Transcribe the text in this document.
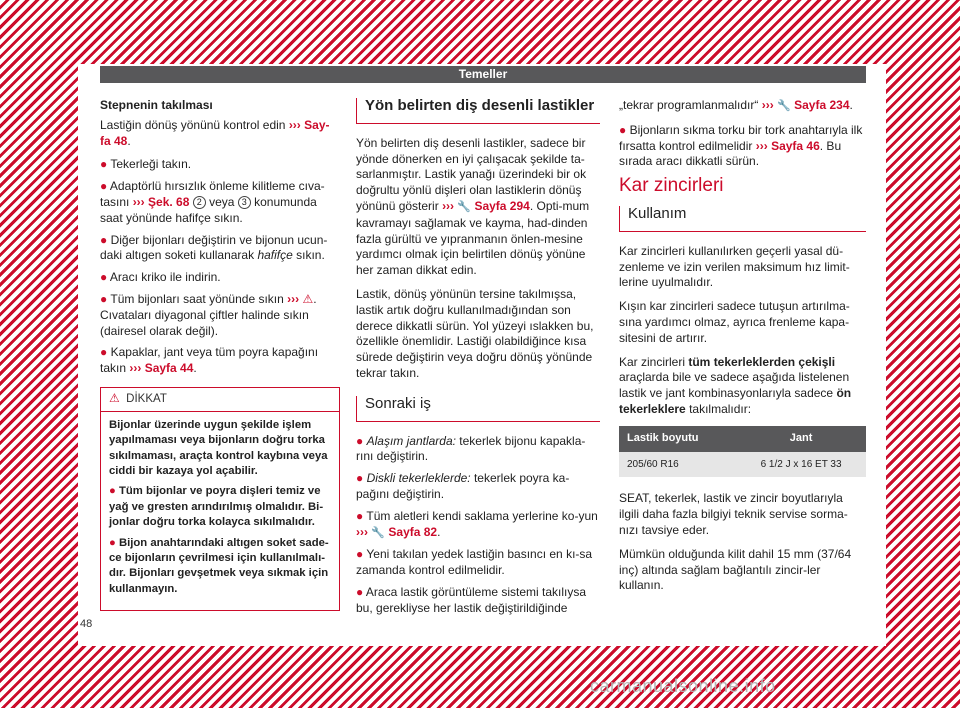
Temeller
Stepnenin takılması

Lastiğin dönüş yönünü kontrol edin ››› Say-fa 48.

● Tekerleği takın.
● Adaptörlü hırsızlık önleme kilitleme cıva-tasını ››› Şek. 68 2 veya 3 konumunda saat yönünde hafifçe sıkın.
● Diğer bijonları değiştirin ve bijonun ucun-daki altıgen soketi kullanarak hafifçe sıkın.
● Aracı kriko ile indirin.
● Tüm bijonları saat yönünde sıkın ››› ⚠. Cıvataları diyagonal çiftler halinde sıkın (dairesel olarak değil).
● Kapaklar, jant veya tüm poyra kapağını takın ››› Sayfa 44.
⚠ DİKKAT
Bijonlar üzerinde uygun şekilde işlem yapılmaması veya bijonların doğru torka sıkılmaması, araçta kontrol kaybına veya ciddi bir kazaya yol açabilir.
● Tüm bijonlar ve poyra dişleri temiz ve yağ ve gresten arındırılmış olmalıdır. Bi-jonlar doğru torka kolayca sıkılmalıdır.
● Bijon anahtarındaki altıgen soket sade-ce bijonların çevrilmesi için kullanılmalı-dır. Bijonları gevşetmek veya sıkmak için kullanmayın.
Yön belirten diş desenli lastikler

Yön belirten diş desenli lastikler, sadece bir yönde dönerken en iyi çalışacak şekilde ta-sarlanmıştır. Lastik yanağı üzerindeki bir ok doğrultu yönlü dişleri olan lastiklerin dönüş yönünü gösterir ››› 🔧 Sayfa 294. Opti-mum kavramayı sağlamak ve kayma, had-dinden fazla gürültü ve yıpranmanın önlen-mesine yardımcı olmak için belirtilen dönüş yönüne her zaman dikkat edin.

Lastik, dönüş yönünün tersine takılmışsa, lastik artık doğru kullanılmadığından son derece dikkatli sürün. Yol yüzeyi ıslakken bu, özellikle önemlidir. Lastiği olabildiğince kısa sürede değiştirin veya doğru dönüş yönünde tekrar takın.

Sonraki iş
● Alaşım jantlarda: tekerlek bijonu kapakla-rını değiştirin.
● Diskli tekerleklerde: tekerlek poyra ka-pağını değiştirin.
● Tüm aletleri kendi saklama yerlerine ko-yun ››› 🔧 Sayfa 82.
● Yeni takılan yedek lastiğin basıncı en kı-sa zamanda kontrol edilmelidir.
● Araca lastik görüntüleme sistemi takılıysa bu, gerekliyse her lastik değiştirildiğinde

„tekrar programlanmalıdır“ ››› 🔧 Sayfa 234.

● Bijonların sıkma torku bir tork anahtarıyla ilk fırsatta kontrol edilmelidir ››› Sayfa 46. Bu sırada aracı dikkatli sürün.
Kar zincirleri
Kullanım

Kar zincirleri kullanılırken geçerli yasal dü-zenleme ve izin verilen maksimum hız limit-lerine uyulmalıdır.

Kışın kar zincirleri sadece tutuşun artırılma-sına yardımcı olmaz, ayrıca frenleme kapa-sitesini de artırır.

Kar zincirleri tüm tekerleklerden çekişli araçlarda bile ve sadece aşağıda listelenen lastik ve jant kombinasyonlarıyla sadece ön tekerleklere takılmalıdır:

Lastik boyutu	Jant
205/60 R16	6 1/2 J x 16 ET 33

SEAT, tekerlek, lastik ve zincir boyutlarıyla ilgili daha fazla bilgiyi teknik servise sorma-nızı tavsiye eder.

Mümkün olduğunda kilit dahil 15 mm (37/64 inç) altında sağlam bağlantılı zincir-ler kullanın.

48
carmanualsonline.info
